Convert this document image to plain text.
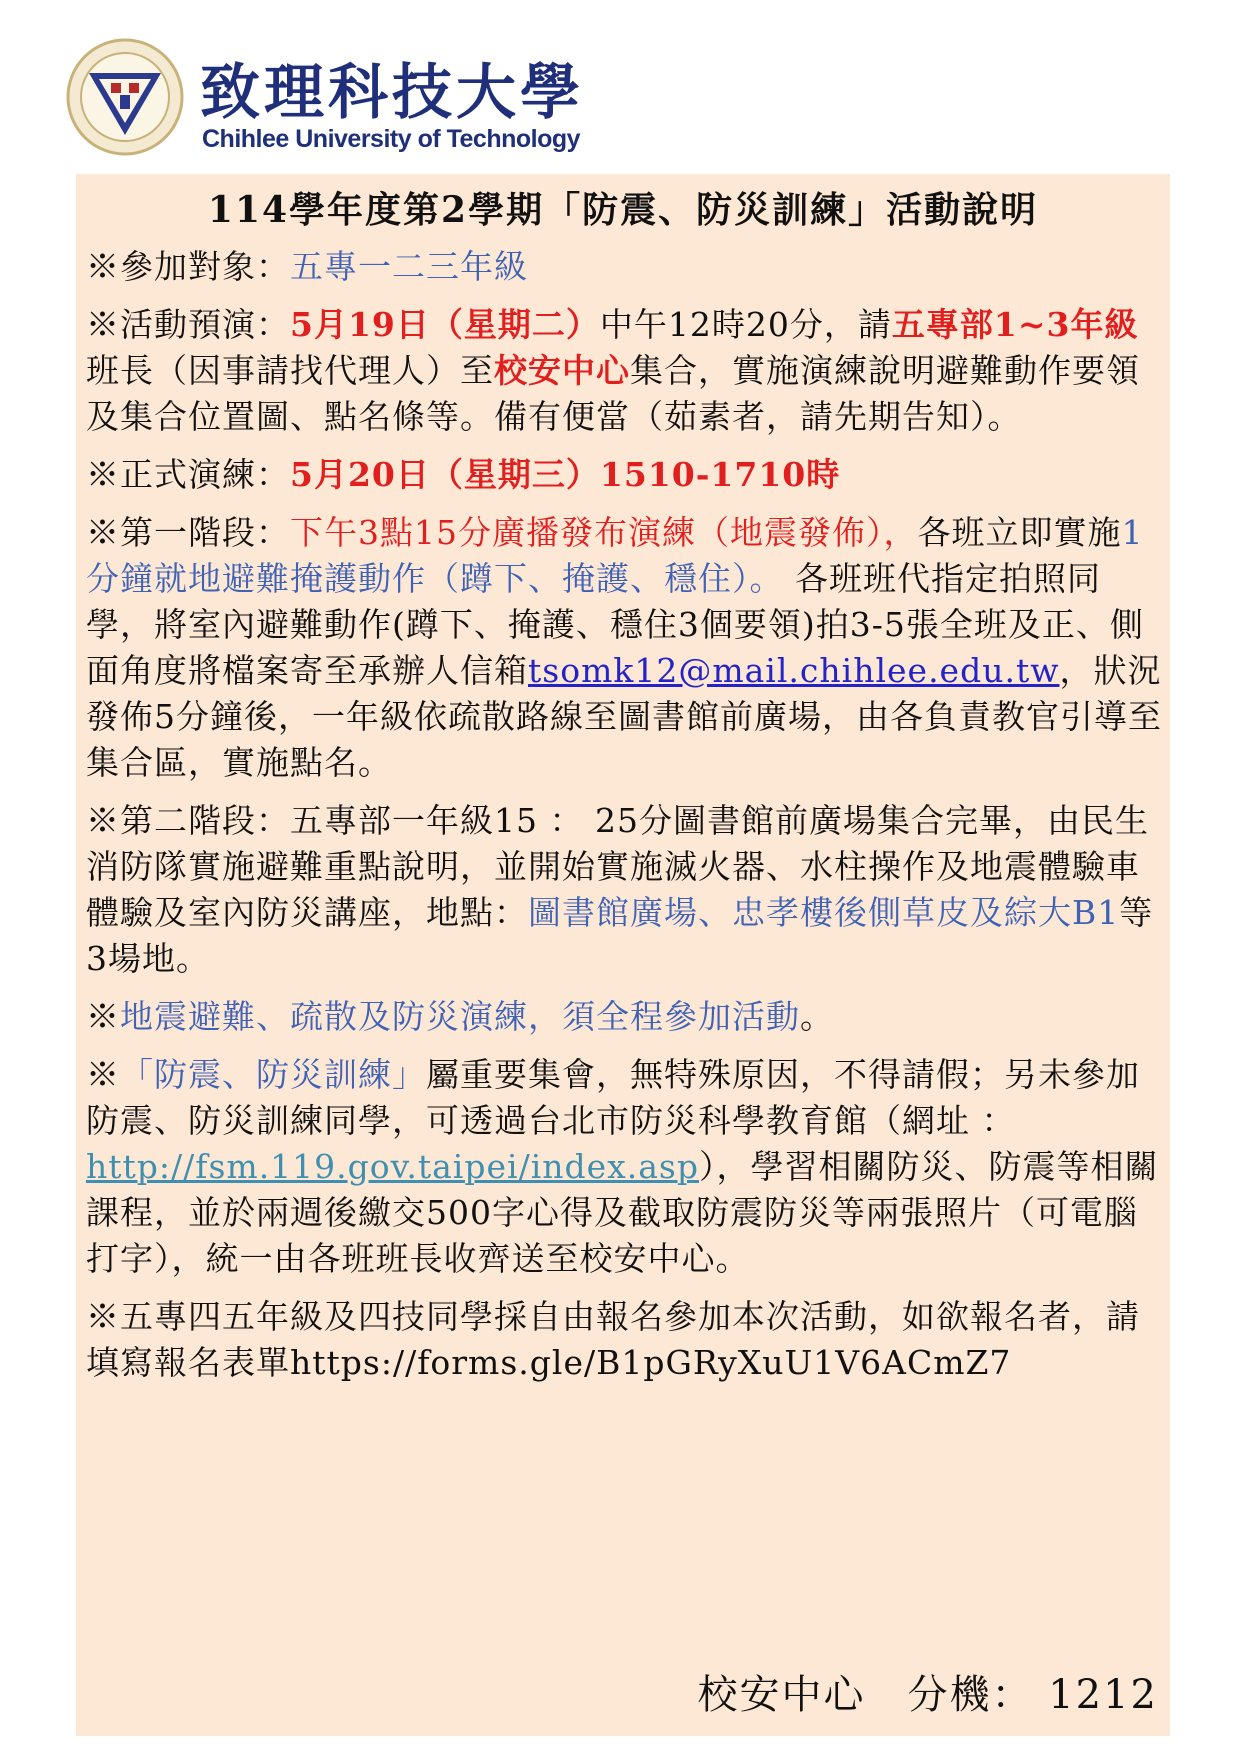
致理科技大學
Chihlee University of Technology
114學年度第2學期「防震、防災訓練」活動說明
※參加對象：五專一二三年級
※活動預演：5月19日（星期二）中午12時20分，請五專部1~3年級班長（因事請找代理人）至校安中心集合，實施演練說明避難動作要領及集合位置圖、點名條等。備有便當（茹素者，請先期告知）。
※正式演練：5月20日（星期三）1510-1710時
※第一階段：下午3點15分廣播發布演練（地震發佈），各班立即實施1分鐘就地避難掩護動作（蹲下、掩護、穩住）。 各班班代指定拍照同學，將室內避難動作(蹲下、掩護、穩住3個要領)拍3-5張全班及正、側面角度將檔案寄至承辦人信箱tsomk12@mail.chihlee.edu.tw，狀況發佈5分鐘後，一年級依疏散路線至圖書館前廣場，由各負責教官引導至集合區，實施點名。
※第二階段：五專部一年級15 ： 25分圖書館前廣場集合完畢，由民生消防隊實施避難重點說明，並開始實施滅火器、水柱操作及地震體驗車體驗及室內防災講座，地點：圖書館廣場、忠孝樓後側草皮及綜大B1等3場地。
※地震避難、疏散及防災演練，須全程參加活動。
※「防震、防災訓練」屬重要集會，無特殊原因，不得請假；另未參加防震、防災訓練同學，可透過台北市防災科學教育館（網址 ： http://fsm.119.gov.taipei/index.asp），學習相關防災、防震等相關課程，並於兩週後繳交500字心得及截取防震防災等兩張照片（可電腦打字），統一由各班班長收齊送至校安中心。
※五專四五年級及四技同學採自由報名參加本次活動，如欲報名者，請填寫報名表單https://forms.gle/B1pGRyXuU1V6ACmZ7
校安中心　分機： 1212
